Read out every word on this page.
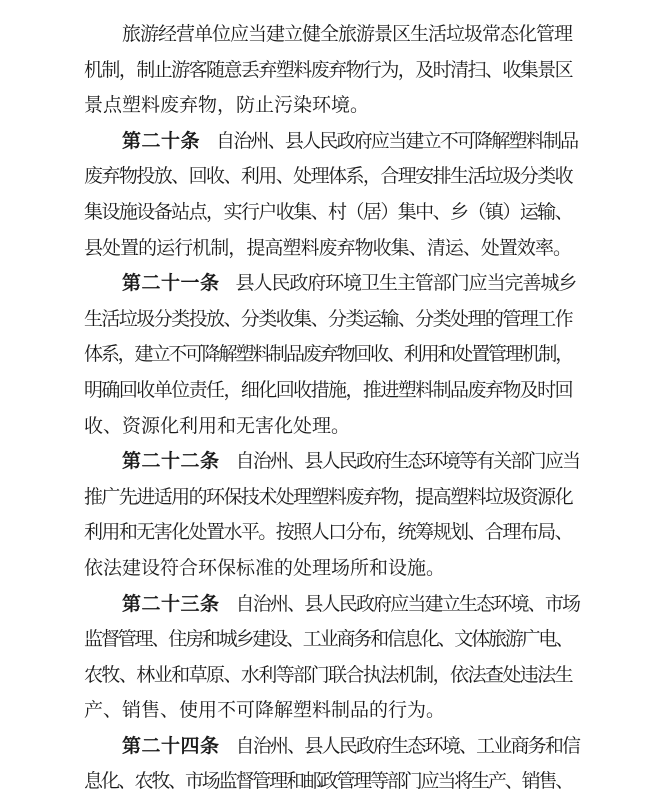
旅游经营单位应当建立健全旅游景区生活垃圾常态化管理
机制，制止游客随意丢弃塑料废弃物行为，及时清扫、收集景区
景点塑料废弃物，防止污染环境。
第二十条 自治州、县人民政府应当建立不可降解塑料制品
废弃物投放、回收、利用、处理体系，合理安排生活垃圾分类收
集设施设备站点，实行户收集、村（居）集中、乡（镇）运输、
县处置的运行机制，提高塑料废弃物收集、清运、处置效率。
第二十一条 县人民政府环境卫生主管部门应当完善城乡
生活垃圾分类投放、分类收集、分类运输、分类处理的管理工作
体系，建立不可降解塑料制品废弃物回收、利用和处置管理机制，
明确回收单位责任，细化回收措施，推进塑料制品废弃物及时回
收、资源化利用和无害化处理。
第二十二条 自治州、县人民政府生态环境等有关部门应当
推广先进适用的环保技术处理塑料废弃物，提高塑料垃圾资源化
利用和无害化处置水平。按照人口分布，统筹规划、合理布局、
依法建设符合环保标准的处理场所和设施。
第二十三条 自治州、县人民政府应当建立生态环境、市场
监督管理、住房和城乡建设、工业商务和信息化、文体旅游广电、
农牧、林业和草原、水利等部门联合执法机制，依法查处违法生
产、销售、使用不可降解塑料制品的行为。
第二十四条 自治州、县人民政府生态环境、工业商务和信
息化、农牧、市场监督管理和邮政管理等部门应当将生产、销售、
